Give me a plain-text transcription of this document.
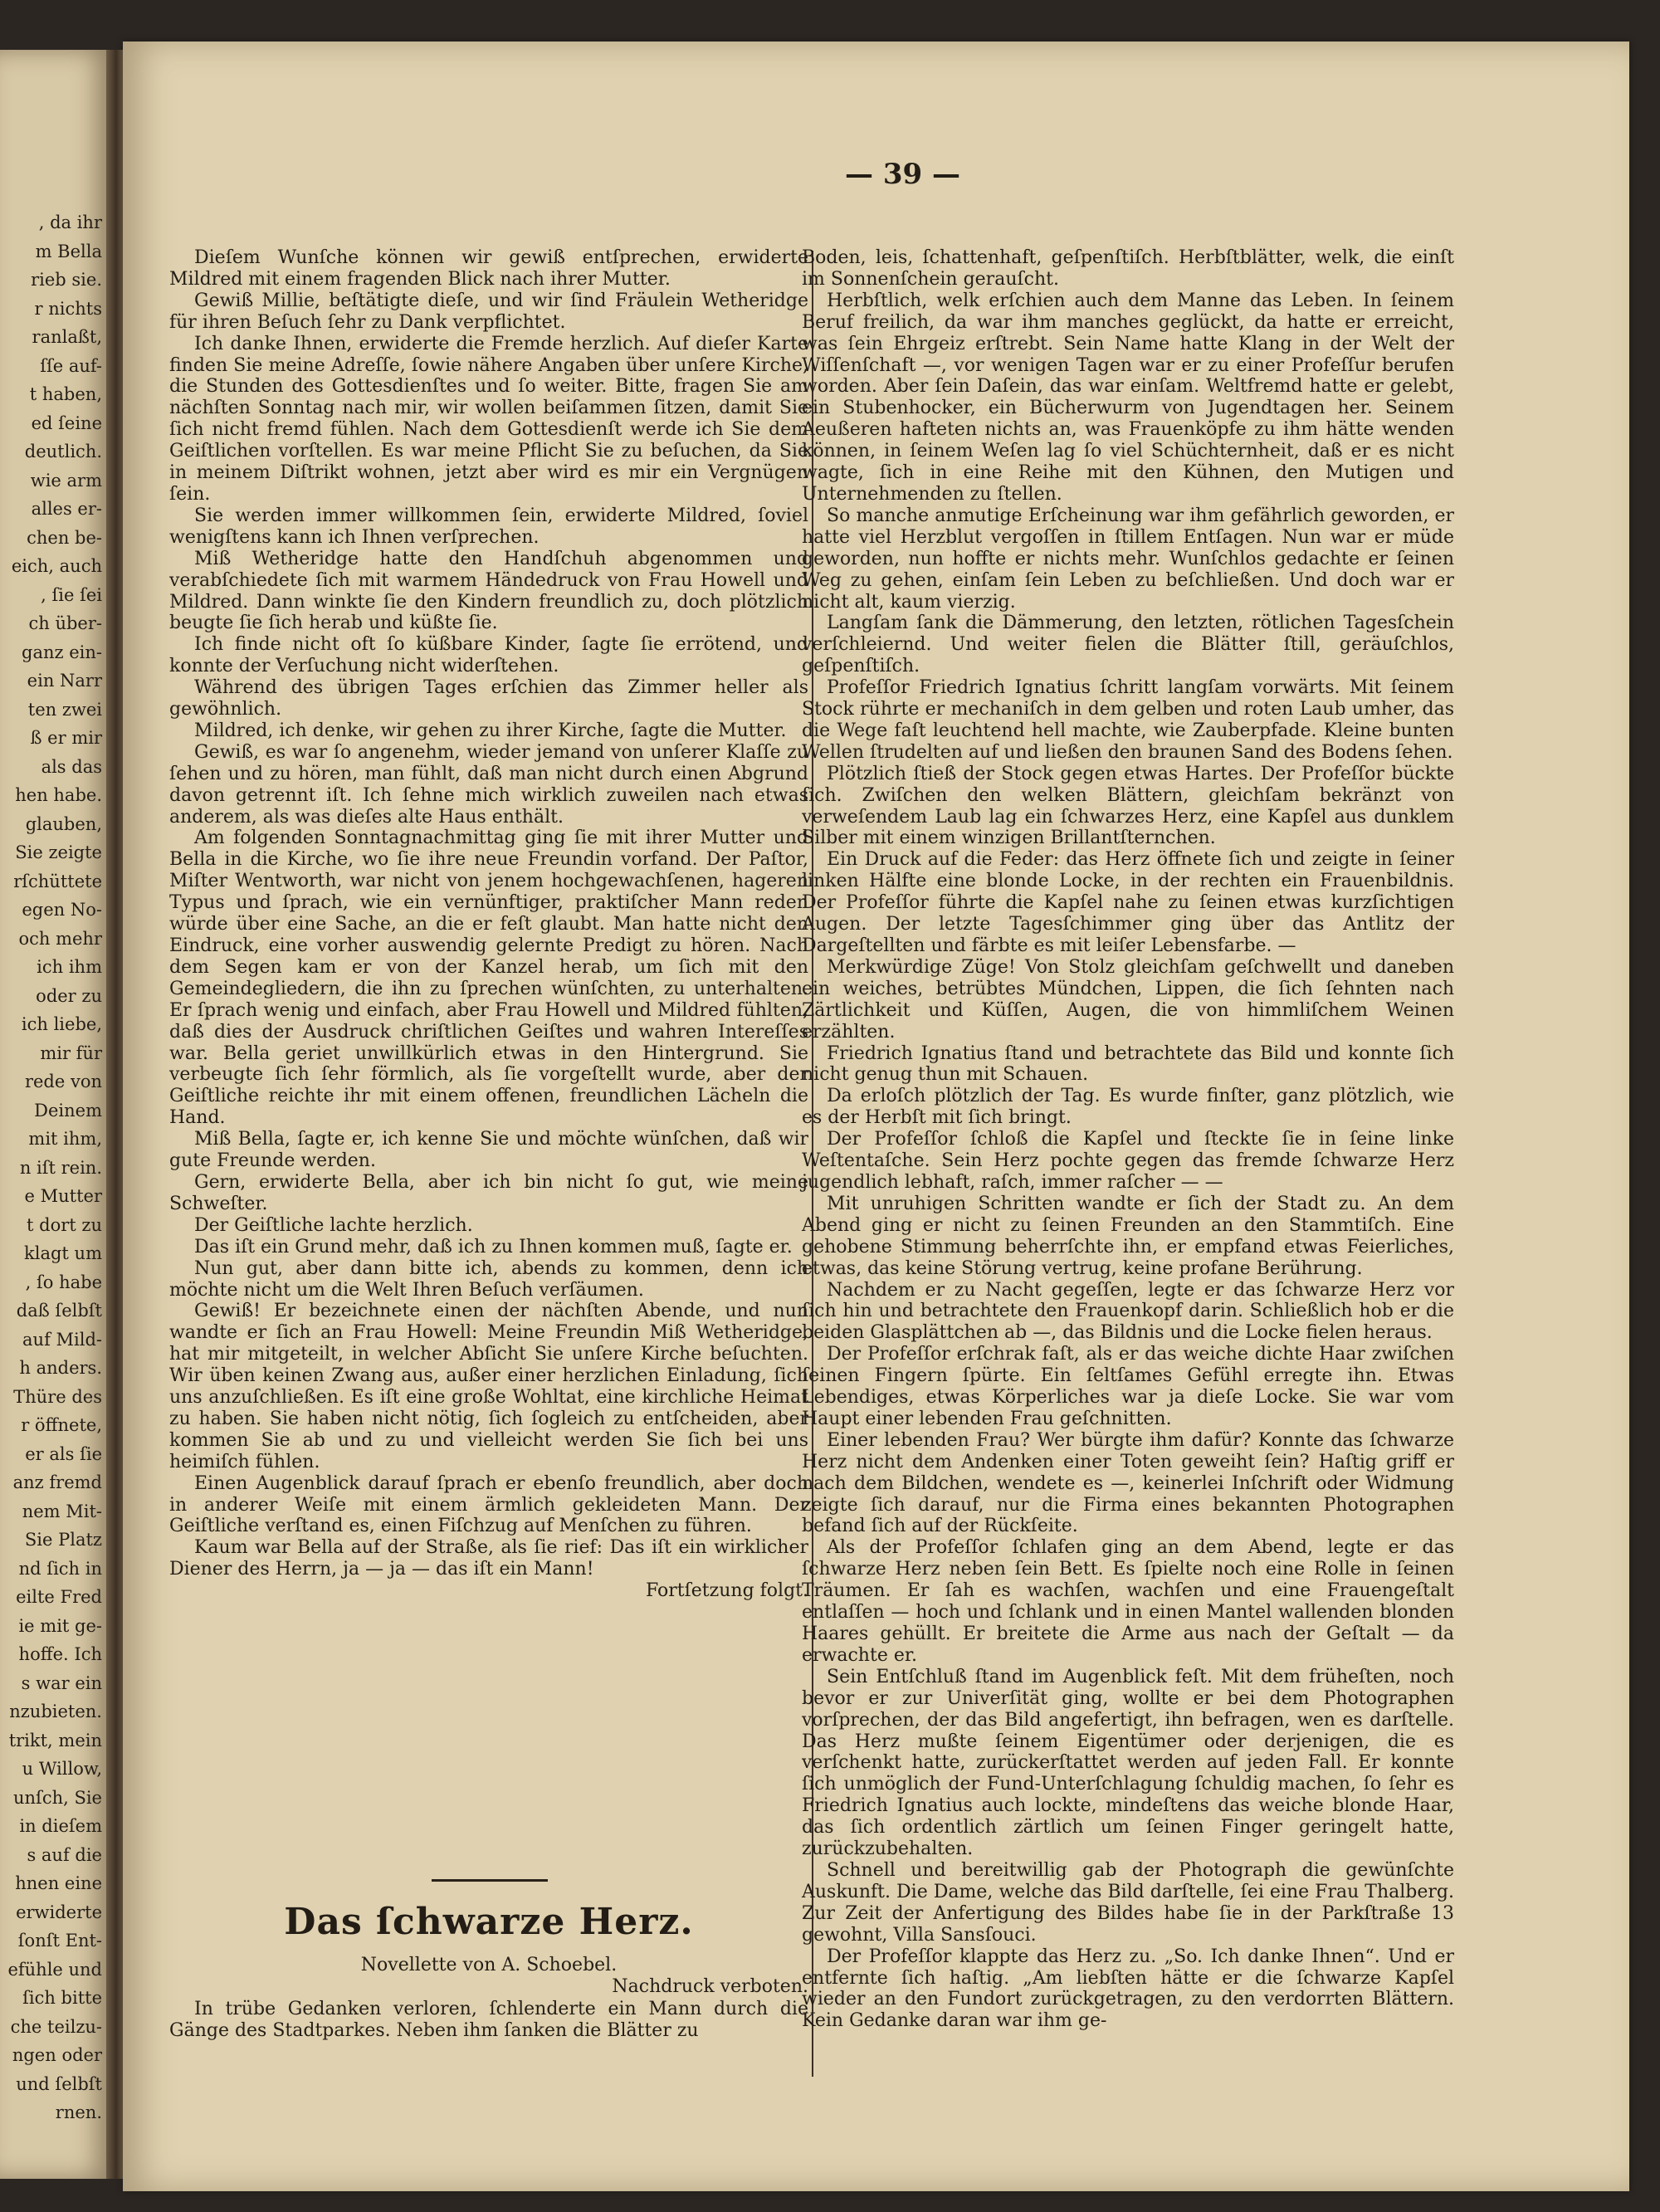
, da ihr
m Bella
rieb sie.
r nichts
ranlaßt,
ſſe auf-
t haben,
ed ſeine
deutlich.
wie arm
alles er-
chen be-
eich, auch
, ſie ſei
ch über-
ganz ein-
ein Narr
ten zwei
ß er mir
als das
hen habe.
glauben,
Sie zeigte
rſchüttete
egen No-
och mehr
ich ihm
oder zu
ich liebe,
mir für
rede von
Deinem
mit ihm,
n iſt rein.
e Mutter
t dort zu
klagt um
, ſo habe
daß ſelbſt
auf Mild-
h anders.
Thüre des
r öffnete,
er als ſie
anz fremd
nem Mit-
Sie Platz
nd ſich in
eilte Fred
ie mit ge-
hoffe. Ich
s war ein
nzubieten.
trikt, mein
u Willow,
unſch, Sie
in dieſem
s auf die
hnen eine
erwiderte
ſonſt Ent-
efühle und
ſich bitte
che teilzu-
ngen oder
und ſelbſt
rnen.
— 39 —

Dieſem Wunſche können wir gewiß entſprechen, erwiderte Mildred mit einem fragenden Blick nach ihrer Mutter.

Gewiß Millie, beſtätigte dieſe, und wir ſind Fräulein Wetheridge für ihren Beſuch ſehr zu Dank verpflichtet.

Ich danke Ihnen, erwiderte die Fremde herzlich. Auf dieſer Karte finden Sie meine Adreſſe, ſowie nähere Angaben über unſere Kirche, die Stunden des Gottesdienſtes und ſo weiter. Bitte, fragen Sie am nächſten Sonntag nach mir, wir wollen beiſammen ſitzen, damit Sie ſich nicht fremd fühlen. Nach dem Gottesdienſt werde ich Sie dem Geiſtlichen vorſtellen. Es war meine Pflicht Sie zu beſuchen, da Sie in meinem Diſtrikt wohnen, jetzt aber wird es mir ein Vergnügen ſein.

Sie werden immer willkommen ſein, erwiderte Mildred, ſoviel wenigſtens kann ich Ihnen verſprechen.

Miß Wetheridge hatte den Handſchuh abgenommen und verabſchiedete ſich mit warmem Händedruck von Frau Howell und Mildred. Dann winkte ſie den Kindern freundlich zu, doch plötzlich beugte ſie ſich herab und küßte ſie.

Ich finde nicht oft ſo küßbare Kinder, ſagte ſie errötend, und konnte der Verſuchung nicht widerſtehen.

Während des übrigen Tages erſchien das Zimmer heller als gewöhnlich.

Mildred, ich denke, wir gehen zu ihrer Kirche, ſagte die Mutter.

Gewiß, es war ſo angenehm, wieder jemand von unſerer Klaſſe zu ſehen und zu hören, man fühlt, daß man nicht durch einen Abgrund davon getrennt iſt. Ich ſehne mich wirklich zuweilen nach etwas anderem, als was dieſes alte Haus enthält.

Am folgenden Sonntagnachmittag ging ſie mit ihrer Mutter und Bella in die Kirche, wo ſie ihre neue Freundin vorfand. Der Paſtor, Miſter Wentworth, war nicht von jenem hochgewachſenen, hageren Typus und ſprach, wie ein vernünftiger, praktiſcher Mann reden würde über eine Sache, an die er feſt glaubt. Man hatte nicht den Eindruck, eine vorher auswendig gelernte Predigt zu hören. Nach dem Segen kam er von der Kanzel herab, um ſich mit den Gemeindegliedern, die ihn zu ſprechen wünſchten, zu unterhalten. Er ſprach wenig und einfach, aber Frau Howell und Mildred fühlten, daß dies der Ausdruck chriſtlichen Geiſtes und wahren Intereſſes war. Bella geriet unwillkürlich etwas in den Hintergrund. Sie verbeugte ſich ſehr förmlich, als ſie vorgeſtellt wurde, aber der Geiſtliche reichte ihr mit einem offenen, freundlichen Lächeln die Hand.

Miß Bella, ſagte er, ich kenne Sie und möchte wünſchen, daß wir gute Freunde werden.

Gern, erwiderte Bella, aber ich bin nicht ſo gut, wie meine Schweſter.

Der Geiſtliche lachte herzlich.

Das iſt ein Grund mehr, daß ich zu Ihnen kommen muß, ſagte er.

Nun gut, aber dann bitte ich, abends zu kommen, denn ich möchte nicht um die Welt Ihren Beſuch verſäumen.

Gewiß! Er bezeichnete einen der nächſten Abende, und nun wandte er ſich an Frau Howell: Meine Freundin Miß Wetheridge, hat mir mitgeteilt, in welcher Abſicht Sie unſere Kirche beſuchten. Wir üben keinen Zwang aus, außer einer herzlichen Einladung, ſich uns anzuſchließen. Es iſt eine große Wohltat, eine kirchliche Heimat zu haben. Sie haben nicht nötig, ſich ſogleich zu entſcheiden, aber kommen Sie ab und zu und vielleicht werden Sie ſich bei uns heimiſch fühlen.

Einen Augenblick darauf ſprach er ebenſo freundlich, aber doch in anderer Weiſe mit einem ärmlich gekleideten Mann. Der Geiſtliche verſtand es, einen Fiſchzug auf Menſchen zu führen.

Kaum war Bella auf der Straße, als ſie rief: Das iſt ein wirklicher Diener des Herrn, ja — ja — das iſt ein Mann!

Fortſetzung folgt.
Das ſchwarze Herz.
Novellette von A. Schoebel.
Nachdruck verboten.

In trübe Gedanken verloren, ſchlenderte ein Mann durch die Gänge des Stadtparkes. Neben ihm ſanken die Blätter zu

Boden, leis, ſchattenhaft, geſpenſtiſch. Herbſtblätter, welk, die einſt im Sonnenſchein gerauſcht.

Herbſtlich, welk erſchien auch dem Manne das Leben. In ſeinem Beruf freilich, da war ihm manches geglückt, da hatte er erreicht, was ſein Ehrgeiz erſtrebt. Sein Name hatte Klang in der Welt der Wiſſenſchaft —, vor wenigen Tagen war er zu einer Profeſſur berufen worden. Aber ſein Daſein, das war einſam. Weltfremd hatte er gelebt, ein Stubenhocker, ein Bücherwurm von Jugendtagen her. Seinem Aeußeren hafteten nichts an, was Frauenköpfe zu ihm hätte wenden können, in ſeinem Weſen lag ſo viel Schüchternheit, daß er es nicht wagte, ſich in eine Reihe mit den Kühnen, den Mutigen und Unternehmenden zu ſtellen.

So manche anmutige Erſcheinung war ihm gefährlich geworden, er hatte viel Herzblut vergoſſen in ſtillem Entſagen. Nun war er müde geworden, nun hoffte er nichts mehr. Wunſchlos gedachte er ſeinen Weg zu gehen, einſam ſein Leben zu beſchließen. Und doch war er nicht alt, kaum vierzig.

Langſam ſank die Dämmerung, den letzten, rötlichen Tagesſchein verſchleiernd. Und weiter fielen die Blätter ſtill, geräuſchlos, geſpenſtiſch.

Profeſſor Friedrich Ignatius ſchritt langſam vorwärts. Mit ſeinem Stock rührte er mechaniſch in dem gelben und roten Laub umher, das die Wege faſt leuchtend hell machte, wie Zauberpfade. Kleine bunten Wellen ſtrudelten auf und ließen den braunen Sand des Bodens ſehen.

Plötzlich ſtieß der Stock gegen etwas Hartes. Der Profeſſor bückte ſich. Zwiſchen den welken Blättern, gleichſam bekränzt von verweſendem Laub lag ein ſchwarzes Herz, eine Kapſel aus dunklem Silber mit einem winzigen Brillantſternchen.

Ein Druck auf die Feder: das Herz öffnete ſich und zeigte in ſeiner linken Hälfte eine blonde Locke, in der rechten ein Frauenbildnis. Der Profeſſor führte die Kapſel nahe zu ſeinen etwas kurzſichtigen Augen. Der letzte Tagesſchimmer ging über das Antlitz der Dargeſtellten und färbte es mit leiſer Lebensfarbe. —

Merkwürdige Züge! Von Stolz gleichſam geſchwellt und daneben ein weiches, betrübtes Mündchen, Lippen, die ſich ſehnten nach Zärtlichkeit und Küſſen, Augen, die von himmliſchem Weinen erzählten.

Friedrich Ignatius ſtand und betrachtete das Bild und konnte ſich nicht genug thun mit Schauen.

Da erloſch plötzlich der Tag. Es wurde finſter, ganz plötzlich, wie es der Herbſt mit ſich bringt.

Der Profeſſor ſchloß die Kapſel und ſteckte ſie in ſeine linke Weſtentaſche. Sein Herz pochte gegen das fremde ſchwarze Herz jugendlich lebhaft, raſch, immer raſcher — —

Mit unruhigen Schritten wandte er ſich der Stadt zu. An dem Abend ging er nicht zu ſeinen Freunden an den Stammtiſch. Eine gehobene Stimmung beherrſchte ihn, er empfand etwas Feierliches, etwas, das keine Störung vertrug, keine profane Berührung.

Nachdem er zu Nacht gegeſſen, legte er das ſchwarze Herz vor ſich hin und betrachtete den Frauenkopf darin. Schließlich hob er die beiden Glasplättchen ab —, das Bildnis und die Locke fielen heraus.

Der Profeſſor erſchrak faſt, als er das weiche dichte Haar zwiſchen ſeinen Fingern ſpürte. Ein ſeltſames Gefühl erregte ihn. Etwas Lebendiges, etwas Körperliches war ja dieſe Locke. Sie war vom Haupt einer lebenden Frau geſchnitten.

Einer lebenden Frau? Wer bürgte ihm dafür? Konnte das ſchwarze Herz nicht dem Andenken einer Toten geweiht ſein? Haſtig griff er nach dem Bildchen, wendete es —, keinerlei Inſchrift oder Widmung zeigte ſich darauf, nur die Firma eines bekannten Photographen befand ſich auf der Rückſeite.

Als der Profeſſor ſchlafen ging an dem Abend, legte er das ſchwarze Herz neben ſein Bett. Es ſpielte noch eine Rolle in ſeinen Träumen. Er ſah es wachſen, wachſen und eine Frauengeſtalt entlaſſen — hoch und ſchlank und in einen Mantel wallenden blonden Haares gehüllt. Er breitete die Arme aus nach der Geſtalt — da erwachte er.

Sein Entſchluß ſtand im Augenblick feſt. Mit dem früheſten, noch bevor er zur Univerſität ging, wollte er bei dem Photographen vorſprechen, der das Bild angefertigt, ihn befragen, wen es darſtelle. Das Herz mußte ſeinem Eigentümer oder derjenigen, die es verſchenkt hatte, zurückerſtattet werden auf jeden Fall. Er konnte ſich unmöglich der Fund-Unterſchlagung ſchuldig machen, ſo ſehr es Friedrich Ignatius auch lockte, mindeſtens das weiche blonde Haar, das ſich ordentlich zärtlich um ſeinen Finger geringelt hatte, zurückzubehalten.

Schnell und bereitwillig gab der Photograph die gewünſchte Auskunft. Die Dame, welche das Bild darſtelle, ſei eine Frau Thalberg. Zur Zeit der Anfertigung des Bildes habe ſie in der Parkſtraße 13 gewohnt, Villa Sansſouci.

Der Profeſſor klappte das Herz zu. „So. Ich danke Ihnen“. Und er entfernte ſich haſtig. „Am liebſten hätte er die ſchwarze Kapſel wieder an den Fundort zurückgetragen, zu den verdorrten Blättern. Kein Gedanke daran war ihm ge-
